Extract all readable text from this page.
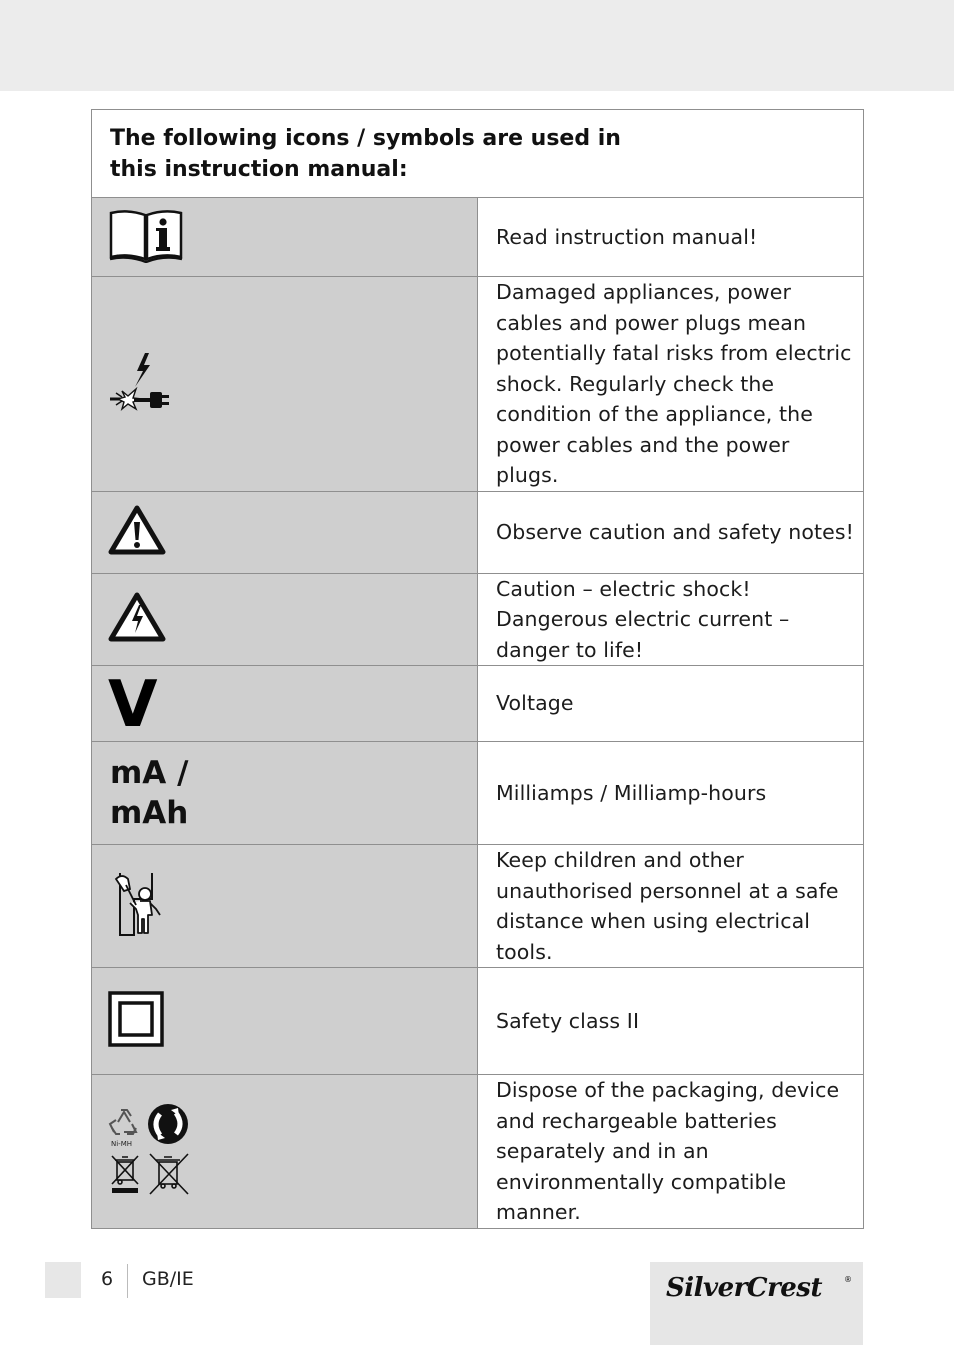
The following icons / symbols are used in this instruction manual:	

Read instruction manual!

Damaged appliances, power cables and power plugs mean
potentially fatal risks from electric shock. Regularly check the
condition of the appliance, the power cables and the power plugs.

Observe caution and safety notes!

Caution – electric shock!
Dangerous electric current – danger to life!

V	Voltage

mA /
mAh	Milliamps / Milliamp-hours

Keep children and other unauthorised personnel at a safe
distance when using electrical tools.

Safety class II

Ni-MH	Dispose of the packaging, device and rechargeable batteries
separately and in an environmentally compatible manner.
6 GB/IE	SilverCrest	®
